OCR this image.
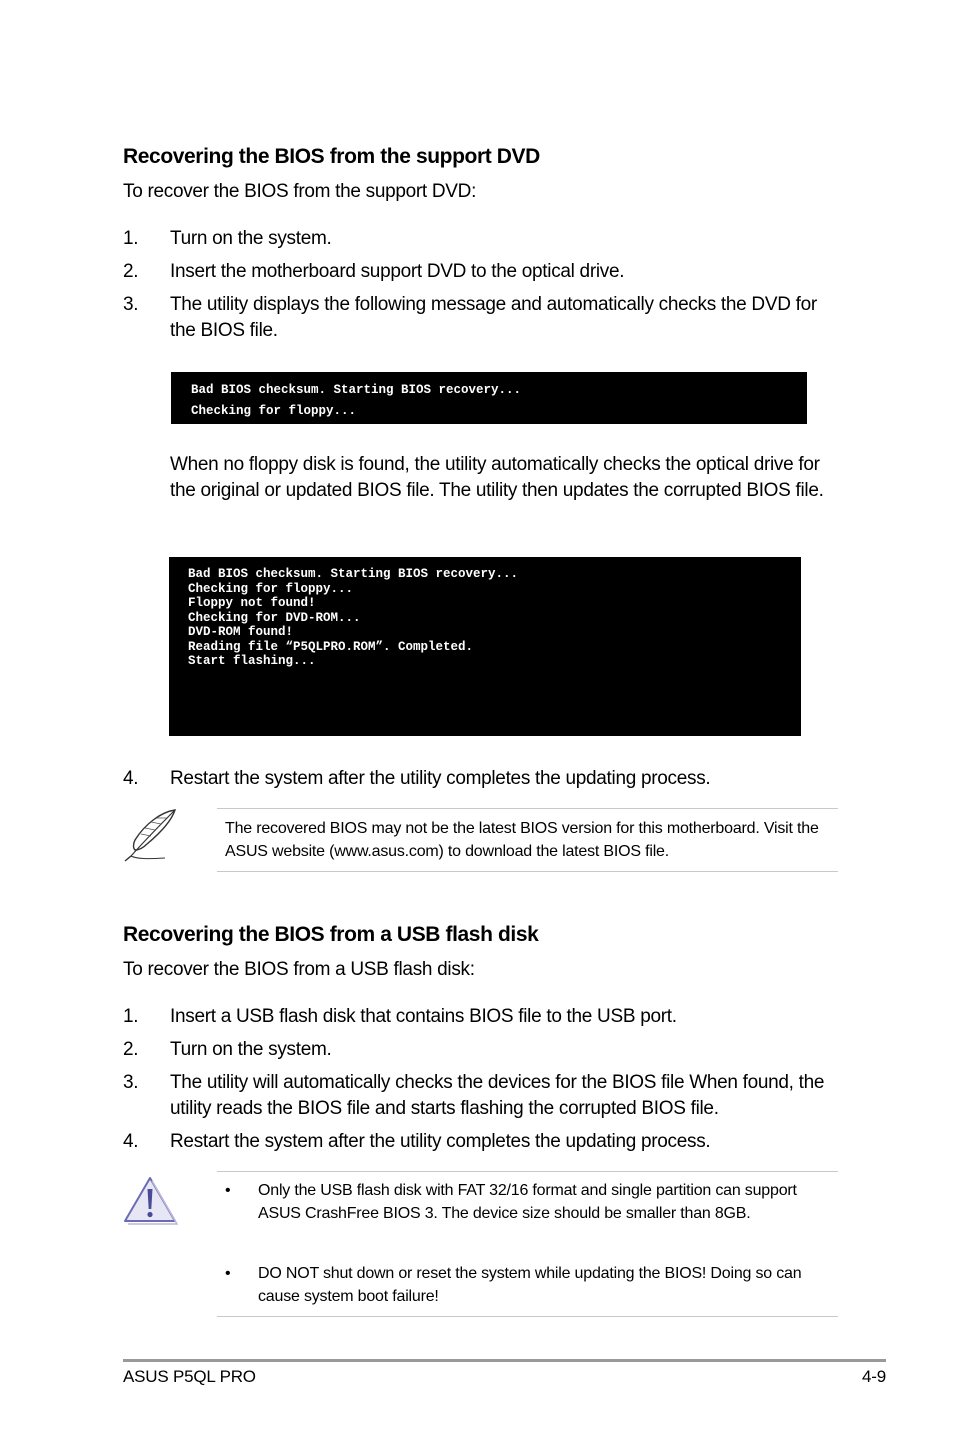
Recovering the BIOS from the support DVD
To recover the BIOS from the support DVD:
1.	Turn on the system.
2.	Insert the motherboard support DVD to the optical drive.
3.	The utility displays the following message and automatically checks the DVD for the BIOS file.
Bad BIOS checksum. Starting BIOS recovery...
Checking for floppy...
When no floppy disk is found, the utility automatically checks the optical drive for the original or updated BIOS file. The utility then updates the corrupted BIOS file.
Bad BIOS checksum. Starting BIOS recovery...
Checking for floppy...
Floppy not found!
Checking for DVD-ROM...
DVD-ROM found!
Reading file “P5QLPRO.ROM”. Completed.
Start flashing...
4.	Restart the system after the utility completes the updating process.
The recovered BIOS may not be the latest BIOS version for this motherboard. Visit the ASUS website (www.asus.com) to download the latest BIOS file.
Recovering the BIOS from a USB flash disk
To recover the BIOS from a USB flash disk:
1.	Insert a USB flash disk that contains BIOS file to the USB port.
2.	Turn on the system.
3.	The utility will automatically checks the devices for the BIOS file When found, the utility reads the BIOS file and starts flashing the corrupted BIOS file.
4.	Restart the system after the utility completes the updating process.
• Only the USB flash disk with FAT 32/16 format and single partition can support ASUS CrashFree BIOS 3. The device size should be smaller than 8GB.
• DO NOT shut down or reset the system while updating the BIOS! Doing so can cause system boot failure!
ASUS P5QL PRO	4-9
